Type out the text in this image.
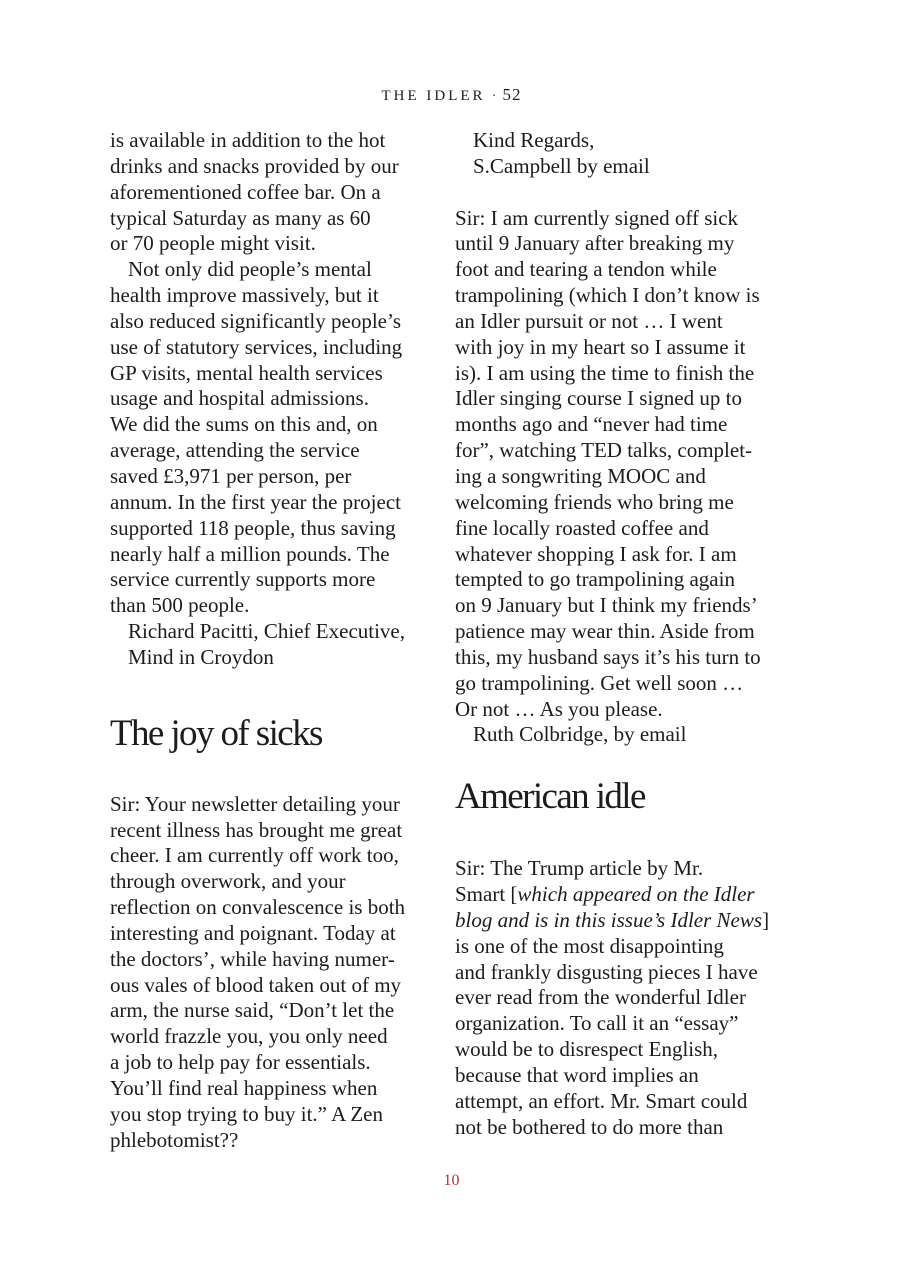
THE IDLER · 52

is available in addition to the hot

drinks and snacks provided by our

aforementioned coffee bar. On a

typical Saturday as many as 60

or 70 people might visit.

Not only did people’s mental

health improve massively, but it

also reduced significantly people’s

use of statutory services, including

GP visits, mental health services

usage and hospital admissions.

We did the sums on this and, on

average, attending the service

saved £3,971 per person, per

annum. In the first year the project

supported 118 people, thus saving

nearly half a million pounds. The

service currently supports more

than 500 people.

Richard Pacitti, Chief Executive,

Mind in Croydon

The joy of sicks

Sir: Your newsletter detailing your

recent illness has brought me great

cheer. I am currently off work too,

through overwork, and your

reflection on convalescence is both

interesting and poignant. Today at

the doctors’, while having numer-

ous vales of blood taken out of my

arm, the nurse said, “Don’t let the

world frazzle you, you only need

a job to help pay for essentials.

You’ll find real happiness when

you stop trying to buy it.” A Zen

phlebotomist??

Kind Regards,

S.Campbell by email

Sir: I am currently signed off sick

until 9 January after breaking my

foot and tearing a tendon while

trampolining (which I don’t know is

an Idler pursuit or not … I went

with joy in my heart so I assume it

is). I am using the time to finish the

Idler singing course I signed up to

months ago and “never had time

for”, watching TED talks, complet-

ing a songwriting MOOC and

welcoming friends who bring me

fine locally roasted coffee and

whatever shopping I ask for. I am

tempted to go trampolining again

on 9 January but I think my friends’

patience may wear thin. Aside from

this, my husband says it’s his turn to

go trampolining. Get well soon …

Or not … As you please.

Ruth Colbridge, by email

American idle

Sir: The Trump article by Mr.

Smart [which appeared on the Idler

blog and is in this issue’s Idler News]

is one of the most disappointing

and frankly disgusting pieces I have

ever read from the wonderful Idler

organization. To call it an “essay”

would be to disrespect English,

because that word implies an

attempt, an effort. Mr. Smart could

not be bothered to do more than

10
